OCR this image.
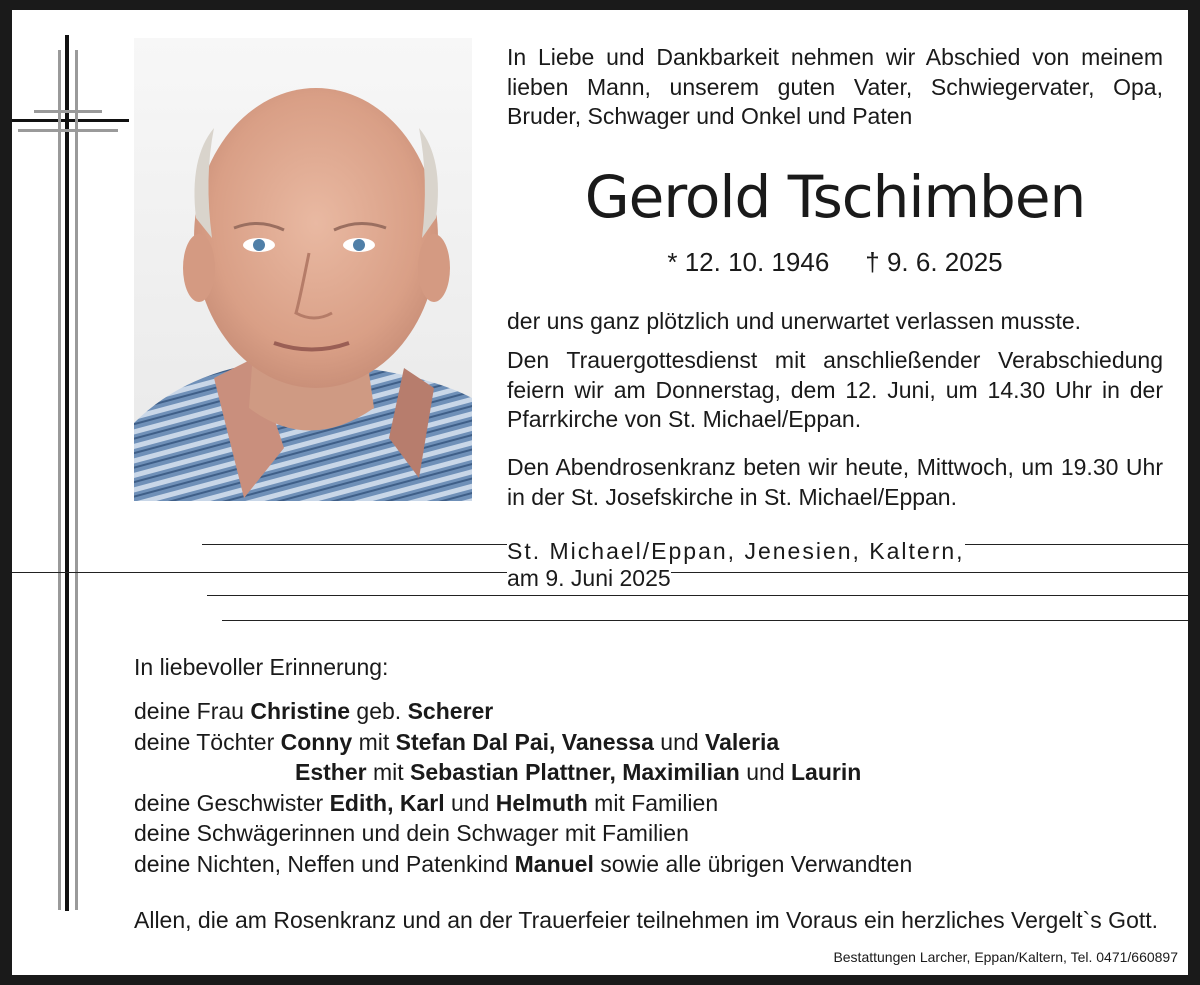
In Liebe und Dankbarkeit nehmen wir Abschied von meinem lieben Mann, unserem guten Vater, Schwiegervater, Opa, Bruder, Schwager und Onkel und Paten

Gerold Tschimben
* 12. 10. 1946 † 9. 6. 2025

der uns ganz plötzlich und unerwartet verlassen musste.

Den Trauergottesdienst mit anschließender Verabschiedung feiern wir am Donnerstag, dem 12. Juni, um 14.30 Uhr in der Pfarrkirche von St. Michael/Eppan.

Den Abendrosenkranz beten wir heute, Mittwoch, um 19.30 Uhr in der St. Josefskirche in St. Michael/Eppan.

St. Michael/Eppan, Jenesien, Kaltern,
am 9. Juni 2025
In liebevoller Erinnerung:
deine Frau Christine geb. Scherer
deine Töchter Conny mit Stefan Dal Pai, Vanessa und Valeria
Esther mit Sebastian Plattner, Maximilian und Laurin
deine Geschwister Edith, Karl und Helmuth mit Familien
deine Schwägerinnen und dein Schwager mit Familien
deine Nichten, Neffen und Patenkind Manuel sowie alle übrigen Verwandten

Allen, die am Rosenkranz und an der Trauerfeier teilnehmen im Voraus ein herzliches Vergelt`s Gott.

Bestattungen Larcher, Eppan/Kaltern, Tel. 0471/660897
